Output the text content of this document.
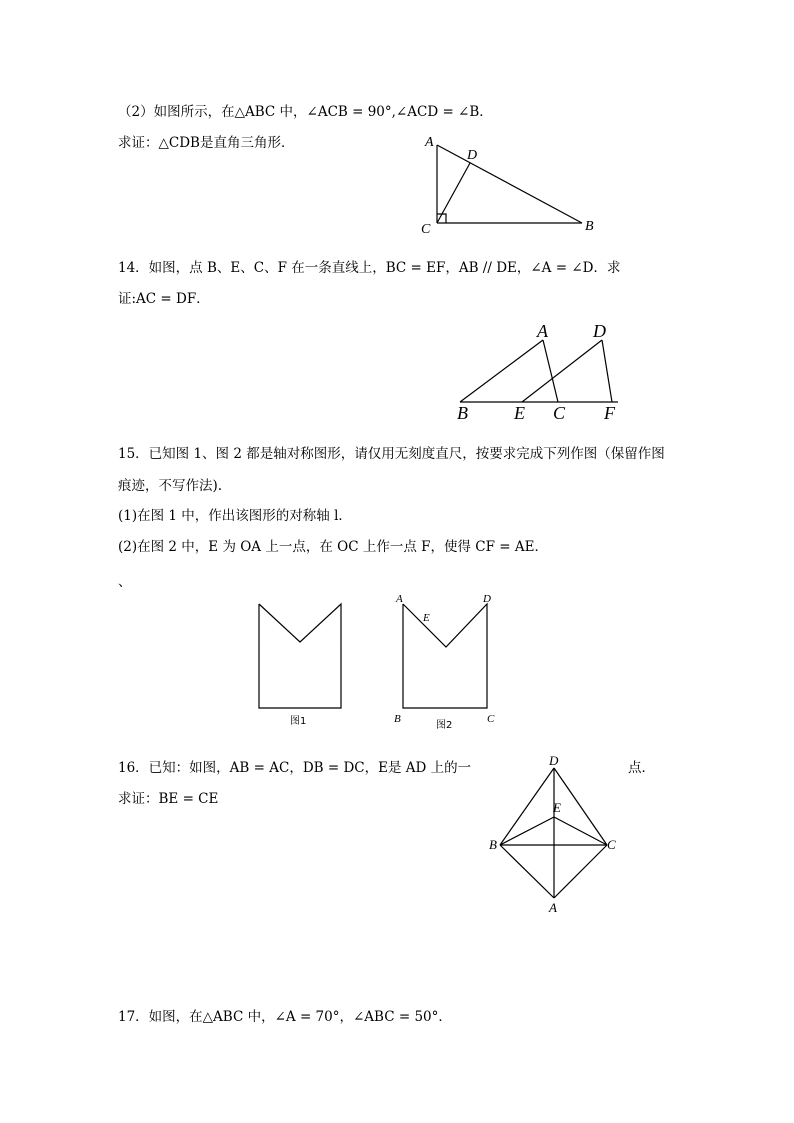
（2）如图所示，在△ABC 中，∠ACB = 90°,∠ACD = ∠B．
求证：△CDB是直角三角形．	A
D
C	B
14．如图，点 B、E、C、F 在一条直线上，BC = EF，AB // DE，∠A = ∠D．求
证:AC = DF．
A	D
B	E C F
15．已知图 1、图 2 都是轴对称图形，请仅用无刻度直尺，按要求完成下列作图（保留作图
痕迹，不写作法).
(1)在图 1 中，作出该图形的对称轴 l．
(2)在图 2 中，E 为 OA 上一点，在 OC 上作一点 F，使得 CF = AE．
、
图1
A
E
D
B
图2
C
16．已知：如图，AB = AC，DB = DC，E是 AD 上的一	点．
求证：BE = CE
D
E
B	C
A
17．如图，在△ABC 中，∠A = 70°，∠ABC = 50°．
